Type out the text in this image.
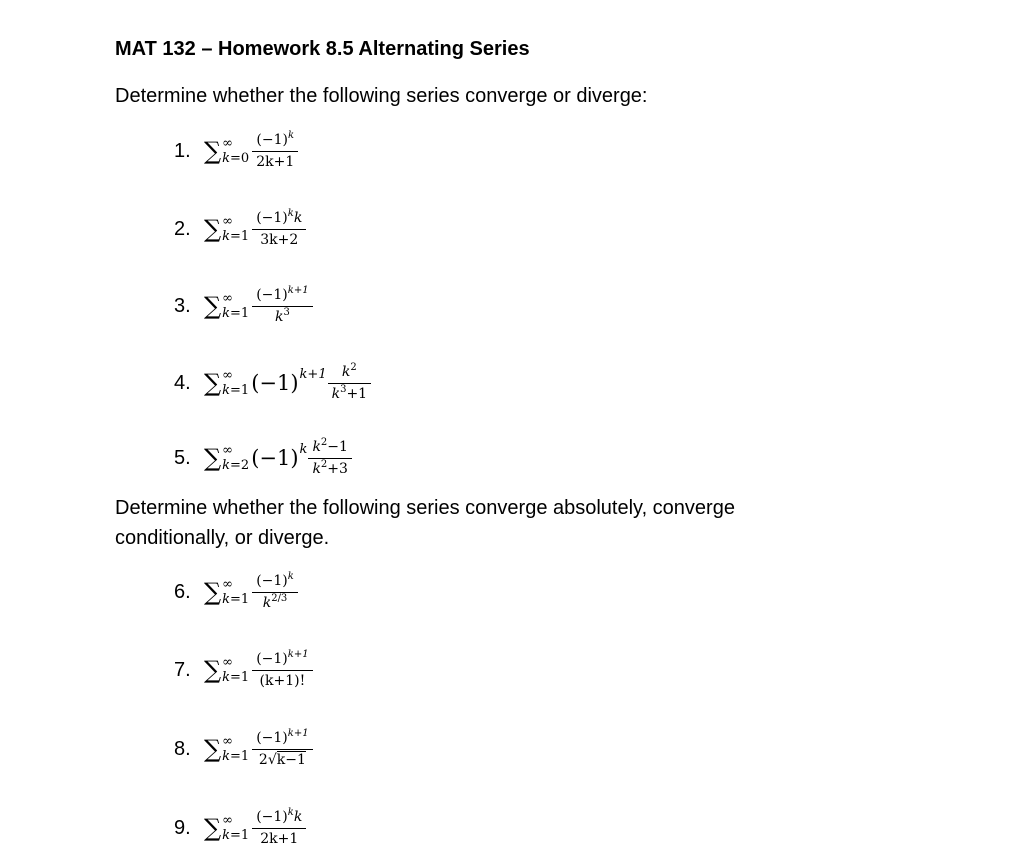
MAT 132 – Homework 8.5 Alternating Series
Determine whether the following series converge or diverge:
1. ∑ ∞
$k=0 \frac{(-1)^k}{2k+1}$
2. ∑ ∞
$k=1 \frac{(-1)^kk}{3k+2}$
3. ∑ ∞
$k=1 \frac{(-1)^{k+1}}{k^3}$
4. ∑ ∞
k=1 (−1) $^{k+1} \frac{k^2}{k^3+1}$
5. ∑ ∞
k=2 (−1) $^k \frac{k^2-1}{k^2+3}$
Determine whether the following series converge absolutely, converge conditionally, or diverge.
6. ∑ ∞
$k=1 \frac{(-1)^k}{k^{2/3}}$
7. ∑ ∞
$k=1 \frac{(-1)^{k+1}}{(k+1)!}$
8. ∑ ∞
$k=1 \frac{(-1)^{k+1}}{2√k-1}$
9. ∑ ∞
$k=1 \frac{(-1)^kk}{2k+1}$
